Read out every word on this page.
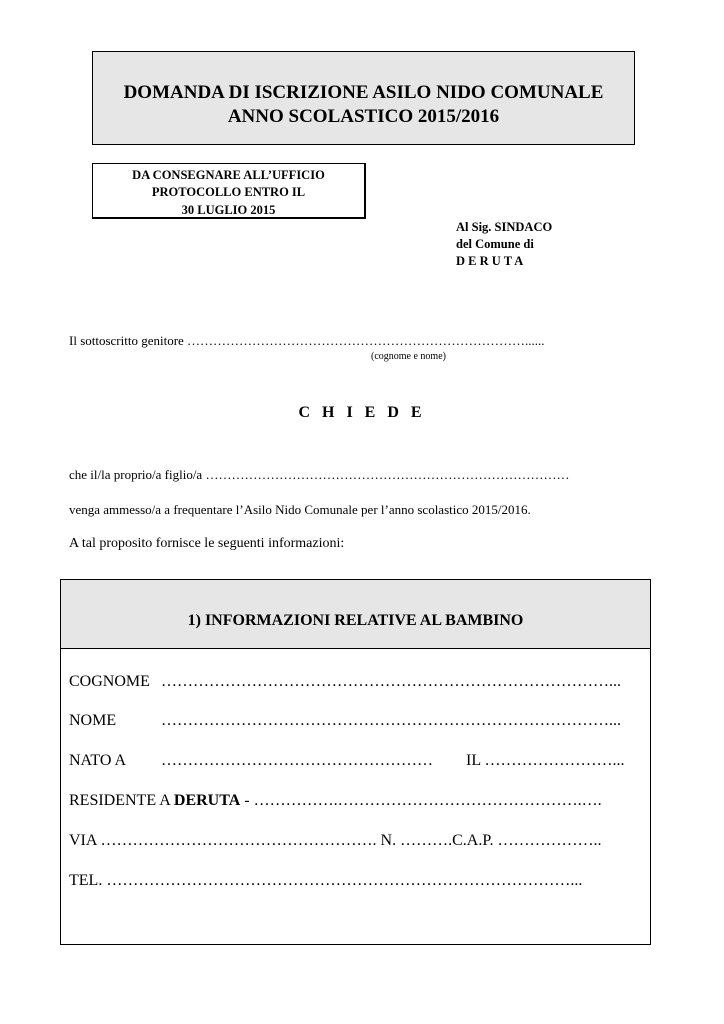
DOMANDA DI ISCRIZIONE ASILO NIDO COMUNALE
ANNO SCOLASTICO 2015/2016
DA CONSEGNARE ALL’UFFICIO
PROTOCOLLO ENTRO IL
30 LUGLIO 2015
Al Sig. SINDACO
del Comune di
D E R U T A
Il sottoscritto genitore ……………………………………………………………………......
(cognome e nome)
C H I E D E
che il/la proprio/a figlio/a …………………………………………………………………………
venga ammesso/a a frequentare l’Asilo Nido Comunale per l’anno scolastico 2015/2016.
A tal proposito fornisce le seguenti informazioni:
1) INFORMAZIONI RELATIVE AL BAMBINO
COGNOME …………………………………………………………………………...
NOME	…………………………………………………………………………...
NATO A …………………………………………… IL ……………………...
RESIDENTE A DERUTA - …………….……………………………………….….
VIA ……………………………………………. N. ……….C.A.P. ………………..
TEL. ……………………………………………………………………………...
